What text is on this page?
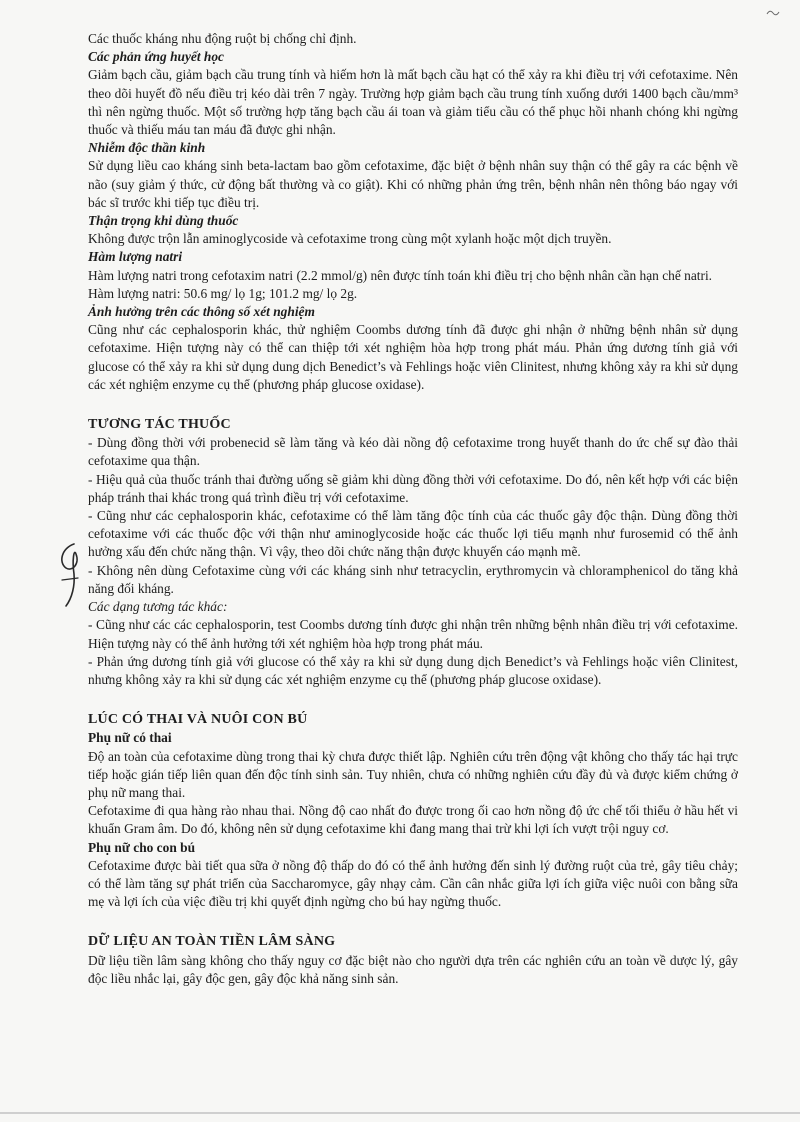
Các thuốc kháng nhu động ruột bị chống chỉ định.

Các phản ứng huyết học

Giảm bạch cầu, giảm bạch cầu trung tính và hiếm hơn là mất bạch cầu hạt có thể xảy ra khi điều trị với cefotaxime. Nên theo dõi huyết đồ nếu điều trị kéo dài trên 7 ngày. Trường hợp giảm bạch cầu trung tính xuống dưới 1400 bạch cầu/mm³ thì nên ngừng thuốc. Một số trường hợp tăng bạch cầu ái toan và giảm tiểu cầu có thể phục hồi nhanh chóng khi ngừng thuốc và thiếu máu tan máu đã được ghi nhận.

Nhiễm độc thần kinh

Sử dụng liều cao kháng sinh beta-lactam bao gồm cefotaxime, đặc biệt ở bệnh nhân suy thận có thể gây ra các bệnh về não (suy giảm ý thức, cử động bất thường và co giật). Khi có những phản ứng trên, bệnh nhân nên thông báo ngay với bác sĩ trước khi tiếp tục điều trị.

Thận trọng khi dùng thuốc

Không được trộn lẫn aminoglycoside và cefotaxime trong cùng một xylanh hoặc một dịch truyền.

Hàm lượng natri

Hàm lượng natri trong cefotaxim natri (2.2 mmol/g) nên được tính toán khi điều trị cho bệnh nhân cần hạn chế natri.

Hàm lượng natri: 50.6 mg/ lọ 1g; 101.2 mg/ lọ 2g.

Ảnh hưởng trên các thông số xét nghiệm

Cũng như các cephalosporin khác, thử nghiệm Coombs dương tính đã được ghi nhận ở những bệnh nhân sử dụng cefotaxime. Hiện tượng này có thể can thiệp tới xét nghiệm hòa hợp trong phát máu. Phản ứng dương tính giả với glucose có thể xảy ra khi sử dụng dung dịch Benedict’s và Fehlings hoặc viên Clinitest, nhưng không xảy ra khi sử dụng các xét nghiệm enzyme cụ thể (phương pháp glucose oxidase).

TƯƠNG TÁC THUỐC

- Dùng đồng thời với probenecid sẽ làm tăng và kéo dài nồng độ cefotaxime trong huyết thanh do ức chế sự đào thải cefotaxime qua thận.

- Hiệu quả của thuốc tránh thai đường uống sẽ giảm khi dùng đồng thời với cefotaxime. Do đó, nên kết hợp với các biện pháp tránh thai khác trong quá trình điều trị với cefotaxime.

- Cũng như các cephalosporin khác, cefotaxime có thể làm tăng độc tính của các thuốc gây độc thận. Dùng đồng thời cefotaxime với các thuốc độc với thận như aminoglycoside hoặc các thuốc lợi tiểu mạnh như furosemid có thể ảnh hưởng xấu đến chức năng thận. Vì vậy, theo dõi chức năng thận được khuyến cáo mạnh mẽ.

- Không nên dùng Cefotaxime cùng với các kháng sinh như tetracyclin, erythromycin và chloramphenicol do tăng khả năng đối kháng.

Các dạng tương tác khác:

- Cũng như các các cephalosporin, test Coombs dương tính được ghi nhận trên những bệnh nhân điều trị với cefotaxime. Hiện tượng này có thể ảnh hưởng tới xét nghiệm hòa hợp trong phát máu.

- Phản ứng dương tính giả với glucose có thể xảy ra khi sử dụng dung dịch Benedict’s và Fehlings hoặc viên Clinitest, nhưng không xảy ra khi sử dụng các xét nghiệm enzyme cụ thể (phương pháp glucose oxidase).

LÚC CÓ THAI VÀ NUÔI CON BÚ

Phụ nữ có thai

Độ an toàn của cefotaxime dùng trong thai kỳ chưa được thiết lập. Nghiên cứu trên động vật không cho thấy tác hại trực tiếp hoặc gián tiếp liên quan đến độc tính sinh sản. Tuy nhiên, chưa có những nghiên cứu đầy đủ và được kiểm chứng ở phụ nữ mang thai.

Cefotaxime đi qua hàng rào nhau thai. Nồng độ cao nhất đo được trong ối cao hơn nồng độ ức chế tối thiểu ở hầu hết vi khuẩn Gram âm. Do đó, không nên sử dụng cefotaxime khi đang mang thai trừ khi lợi ích vượt trội nguy cơ.

Phụ nữ cho con bú

Cefotaxime được bài tiết qua sữa ở nồng độ thấp do đó có thể ảnh hưởng đến sinh lý đường ruột của trẻ, gây tiêu chảy; có thể làm tăng sự phát triển của Saccharomyce, gây nhạy cảm. Cần cân nhắc giữa lợi ích giữa việc nuôi con bằng sữa mẹ và lợi ích của việc điều trị khi quyết định ngừng cho bú hay ngừng thuốc.

DỮ LIỆU AN TOÀN TIỀN LÂM SÀNG

Dữ liệu tiền lâm sàng không cho thấy nguy cơ đặc biệt nào cho người dựa trên các nghiên cứu an toàn về dược lý, gây độc liều nhắc lại, gây độc gen, gây độc khả năng sinh sản.
